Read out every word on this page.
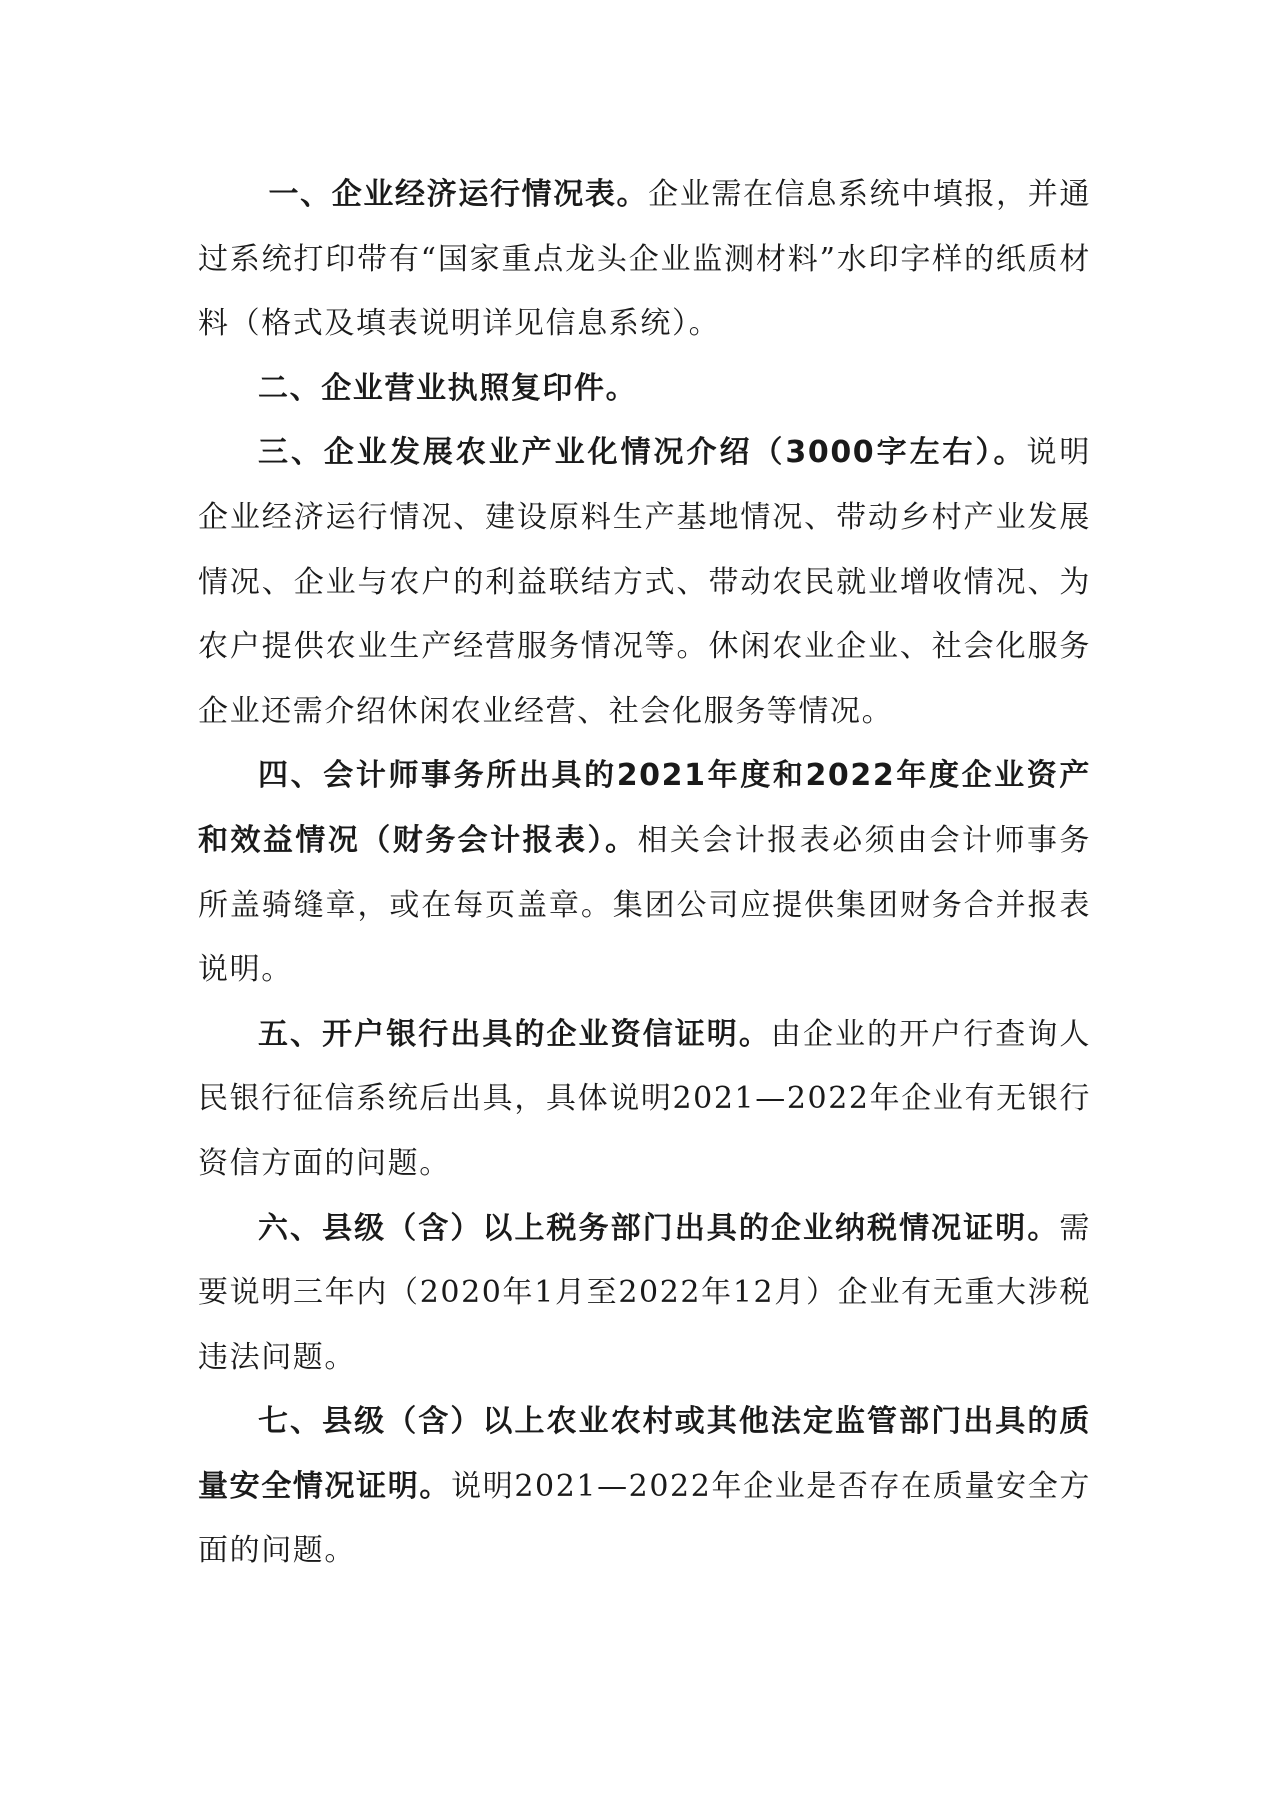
一、企业经济运行情况表。企业需在信息系统中填报，并通过系统打印带有“国家重点龙头企业监测材料”水印字样的纸质材料（格式及填表说明详见信息系统）。

二、企业营业执照复印件。

三、企业发展农业产业化情况介绍（3000字左右）。说明企业经济运行情况、建设原料生产基地情况、带动乡村产业发展情况、企业与农户的利益联结方式、带动农民就业增收情况、为农户提供农业生产经营服务情况等。休闲农业企业、社会化服务企业还需介绍休闲农业经营、社会化服务等情况。

四、会计师事务所出具的2021年度和2022年度企业资产和效益情况（财务会计报表）。相关会计报表必须由会计师事务所盖骑缝章，或在每页盖章。集团公司应提供集团财务合并报表说明。

五、开户银行出具的企业资信证明。由企业的开户行查询人民银行征信系统后出具，具体说明2021—2022年企业有无银行资信方面的问题。

六、县级（含）以上税务部门出具的企业纳税情况证明。需要说明三年内（2020年1月至2022年12月）企业有无重大涉税违法问题。

七、县级（含）以上农业农村或其他法定监管部门出具的质量安全情况证明。说明2021—2022年企业是否存在质量安全方面的问题。
